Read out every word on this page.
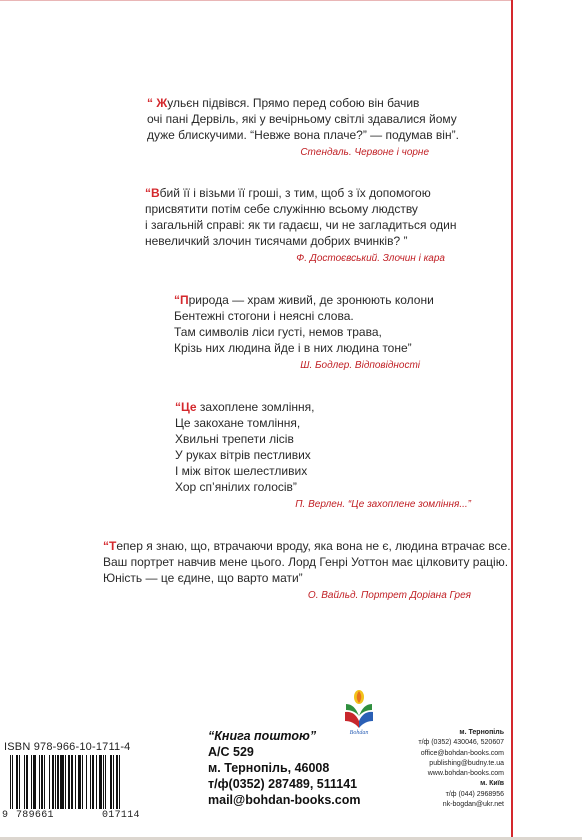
“ Жульєн підвівся. Прямо перед собою він бачив
очі пані Дервіль, які у вечірньому світлі здавалися йому
дуже блискучими. “Невже вона плаче?” — подумав він”.
Стендаль. Червоне і чорне
“Вбий її і візьми її гроші, з тим, щоб з їх допомогою
присвятити потім себе служінню всьому людству
і загальній справі: як ти гадаєш, чи не загладиться один
невеличкий злочин тисячами добрих вчинків? ”
Ф. Достоєвський. Злочин і кара
“Природа — храм живий, де зронюють колони
Бентежні стогони і неясні слова.
Там символів ліси густі, немов трава,
Крізь них людина йде і в них людина тоне”
Ш. Бодлер. Відповідності
“Це захоплене зомління,
Це закохане томління,
Хвильні трепети лісів
У руках вітрів пестливих
І між віток шелестливих
Хор сп’янілих голосів”
П. Верлен. “Це захоплене зомління...”
“Тепер я знаю, що, втрачаючи вроду, яка вона не є, людина втрачає все.
Ваш портрет навчив мене цього. Лорд Генрі Уоттон має цілковиту рацію.
Юність — це єдине, що варто мати”
О. Вайльд. Портрет Доріана Грея
Bohdan
ISBN 978-966-10-1711-4
9 789661	017114
“Книга поштою”
А/С 529
м. Тернопіль, 46008
т/ф(0352) 287489, 511141
mail@bohdan-books.com
м. Тернопіль
т/ф (0352) 430046, 520607
office@bohdan-books.com
publishing@budny.te.ua
www.bohdan-books.com
м. Київ
т/ф (044) 2968956
nk-bogdan@ukr.net
